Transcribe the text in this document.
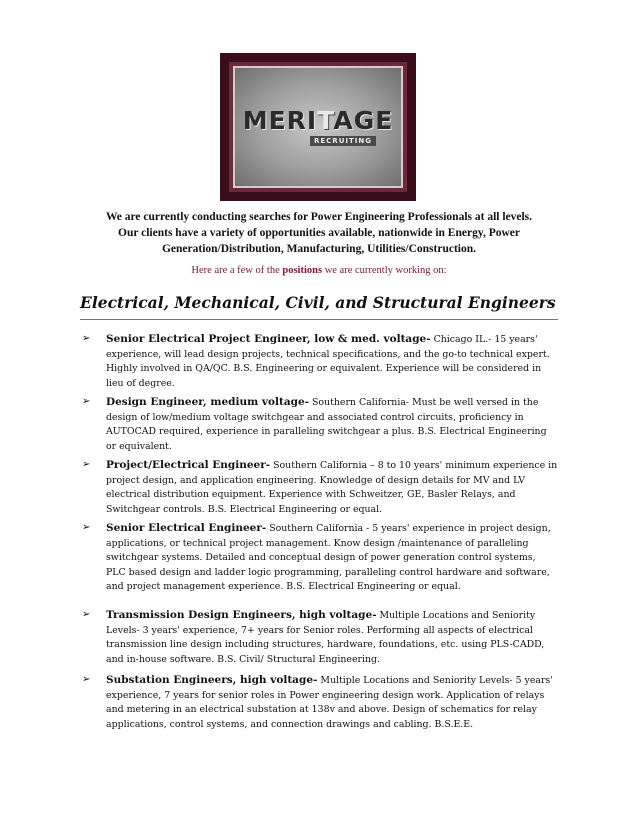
MERITAGE
RECRUITING
We are currently conducting searches for Power Engineering Professionals at all levels.
Our clients have a variety of opportunities available, nationwide in Energy, Power
Generation/Distribution, Manufacturing, Utilities/Construction.
Here are a few of the positions we are currently working on:
Electrical, Mechanical, Civil, and Structural Engineers
➢ Senior Electrical Project Engineer, low & med. voltage- Chicago IL.- 15 years' experience, will lead design projects, technical specifications, and the go-to technical expert. Highly involved in QA/QC. B.S. Engineering or equivalent. Experience will be considered in lieu of degree.
➢ Design Engineer, medium voltage- Southern California- Must be well versed in the design of low/medium voltage switchgear and associated control circuits, proficiency in AUTOCAD required, experience in paralleling switchgear a plus. B.S. Electrical Engineering or equivalent.
➢ Project/Electrical Engineer- Southern California – 8 to 10 years' minimum experience in project design, and application engineering. Knowledge of design details for MV and LV electrical distribution equipment. Experience with Schweitzer, GE, Basler Relays, and Switchgear controls. B.S. Electrical Engineering or equal.
➢ Senior Electrical Engineer- Southern California - 5 years' experience in project design, applications, or technical project management. Know design /maintenance of paralleling switchgear systems. Detailed and conceptual design of power generation control systems, PLC based design and ladder logic programming, paralleling control hardware and software, and project management experience. B.S. Electrical Engineering or equal.
➢ Transmission Design Engineers, high voltage- Multiple Locations and Seniority Levels- 3 years' experience, 7+ years for Senior roles. Performing all aspects of electrical transmission line design including structures, hardware, foundations, etc. using PLS-CADD, and in-house software. B.S. Civil/ Structural Engineering.
➢ Substation Engineers, high voltage- Multiple Locations and Seniority Levels- 5 years' experience, 7 years for senior roles in Power engineering design work. Application of relays and metering in an electrical substation at 138v and above. Design of schematics for relay applications, control systems, and connection drawings and cabling. B.S.E.E.
